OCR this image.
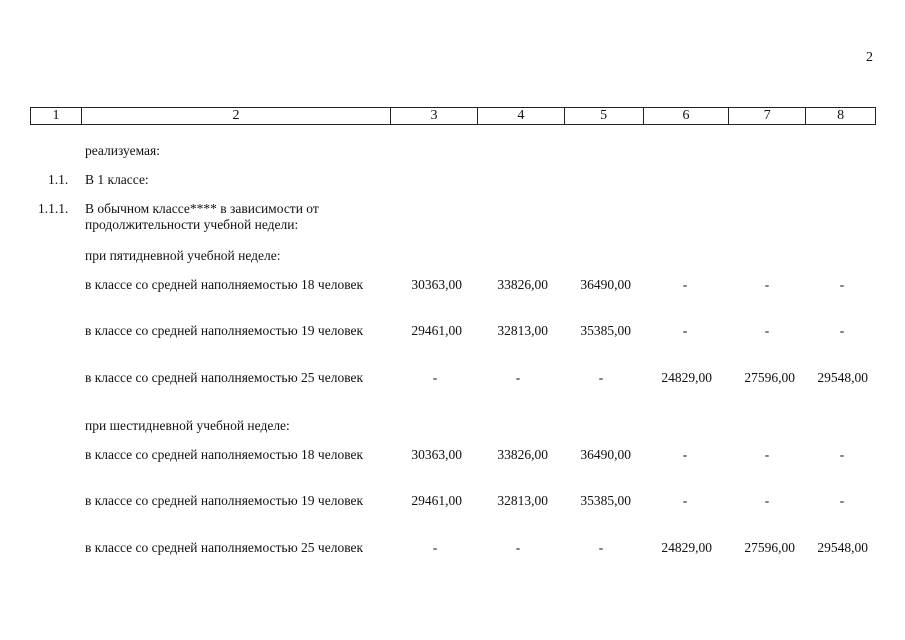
2
1	2	3	4	5	6	7	8
реализуемая:
1.1. В 1 классе:
1.1.1. В обычном классе**** в зависимости от продолжительности учебной недели:
при пятидневной учебной неделе:
в классе со средней наполняемостью 18 человек	30363,00	33826,00	36490,00	-	-	-
в классе со средней наполняемостью 19 человек	29461,00	32813,00	35385,00	-	-	-
в классе со средней наполняемостью 25 человек	-	-	-	24829,00	27596,00	29548,00
при шестидневной учебной неделе:
в классе со средней наполняемостью 18 человек	30363,00	33826,00	36490,00	-	-	-
в классе со средней наполняемостью 19 человек	29461,00	32813,00	35385,00	-	-	-
в классе со средней наполняемостью 25 человек	-	-	-	24829,00	27596,00	29548,00
